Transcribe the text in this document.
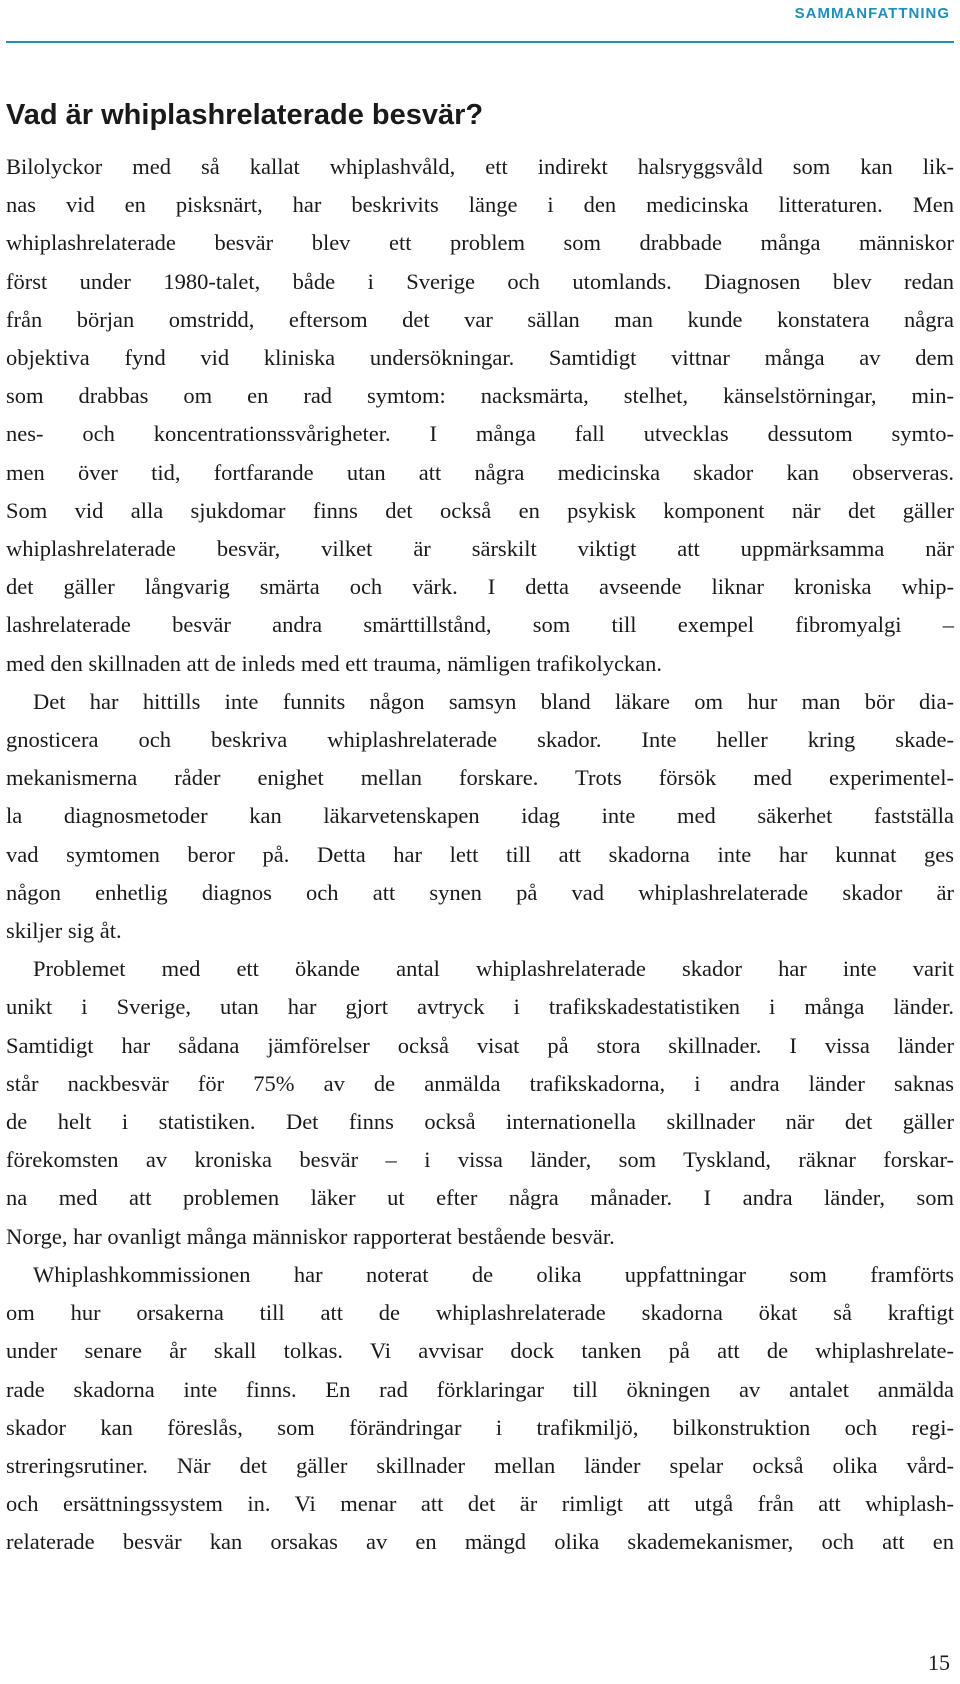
SAMMANFATTNING
Vad är whiplashrelaterade besvär?
Bilolyckor med så kallat whiplashvåld, ett indirekt halsryggsvåld som kan lik-
nas vid en pisksnärt, har beskrivits länge i den medicinska litteraturen. Men
whiplashrelaterade besvär blev ett problem som drabbade många människor
först under 1980-talet, både i Sverige och utomlands. Diagnosen blev redan
från början omstridd, eftersom det var sällan man kunde konstatera några
objektiva fynd vid kliniska undersökningar. Samtidigt vittnar många av dem
som drabbas om en rad symtom: nacksmärta, stelhet, känselstörningar, min-
nes- och koncentrationssvårigheter. I många fall utvecklas dessutom symto-
men över tid, fortfarande utan att några medicinska skador kan observeras.
Som vid alla sjukdomar finns det också en psykisk komponent när det gäller
whiplashrelaterade besvär, vilket är särskilt viktigt att uppmärksamma när
det gäller långvarig smärta och värk. I detta avseende liknar kroniska whip-
lashrelaterade besvär andra smärttillstånd, som till exempel fibromyalgi –
med den skillnaden att de inleds med ett trauma, nämligen trafikolyckan.
Det har hittills inte funnits någon samsyn bland läkare om hur man bör dia-
gnosticera och beskriva whiplashrelaterade skador. Inte heller kring skade-
mekanismerna råder enighet mellan forskare. Trots försök med experimentel-
la diagnosmetoder kan läkarvetenskapen idag inte med säkerhet fastställa
vad symtomen beror på. Detta har lett till att skadorna inte har kunnat ges
någon enhetlig diagnos och att synen på vad whiplashrelaterade skador är
skiljer sig åt.
Problemet med ett ökande antal whiplashrelaterade skador har inte varit
unikt i Sverige, utan har gjort avtryck i trafikskadestatistiken i många länder.
Samtidigt har sådana jämförelser också visat på stora skillnader. I vissa länder
står nackbesvär för 75% av de anmälda trafikskadorna, i andra länder saknas
de helt i statistiken. Det finns också internationella skillnader när det gäller
förekomsten av kroniska besvär – i vissa länder, som Tyskland, räknar forskar-
na med att problemen läker ut efter några månader. I andra länder, som
Norge, har ovanligt många människor rapporterat bestående besvär.
Whiplashkommissionen har noterat de olika uppfattningar som framförts
om hur orsakerna till att de whiplashrelaterade skadorna ökat så kraftigt
under senare år skall tolkas. Vi avvisar dock tanken på att de whiplashrelate-
rade skadorna inte finns. En rad förklaringar till ökningen av antalet anmälda
skador kan föreslås, som förändringar i trafikmiljö, bilkonstruktion och regi-
streringsrutiner. När det gäller skillnader mellan länder spelar också olika vård-
och ersättningssystem in. Vi menar att det är rimligt att utgå från att whiplash-
relaterade besvär kan orsakas av en mängd olika skademekanismer, och att en
15
